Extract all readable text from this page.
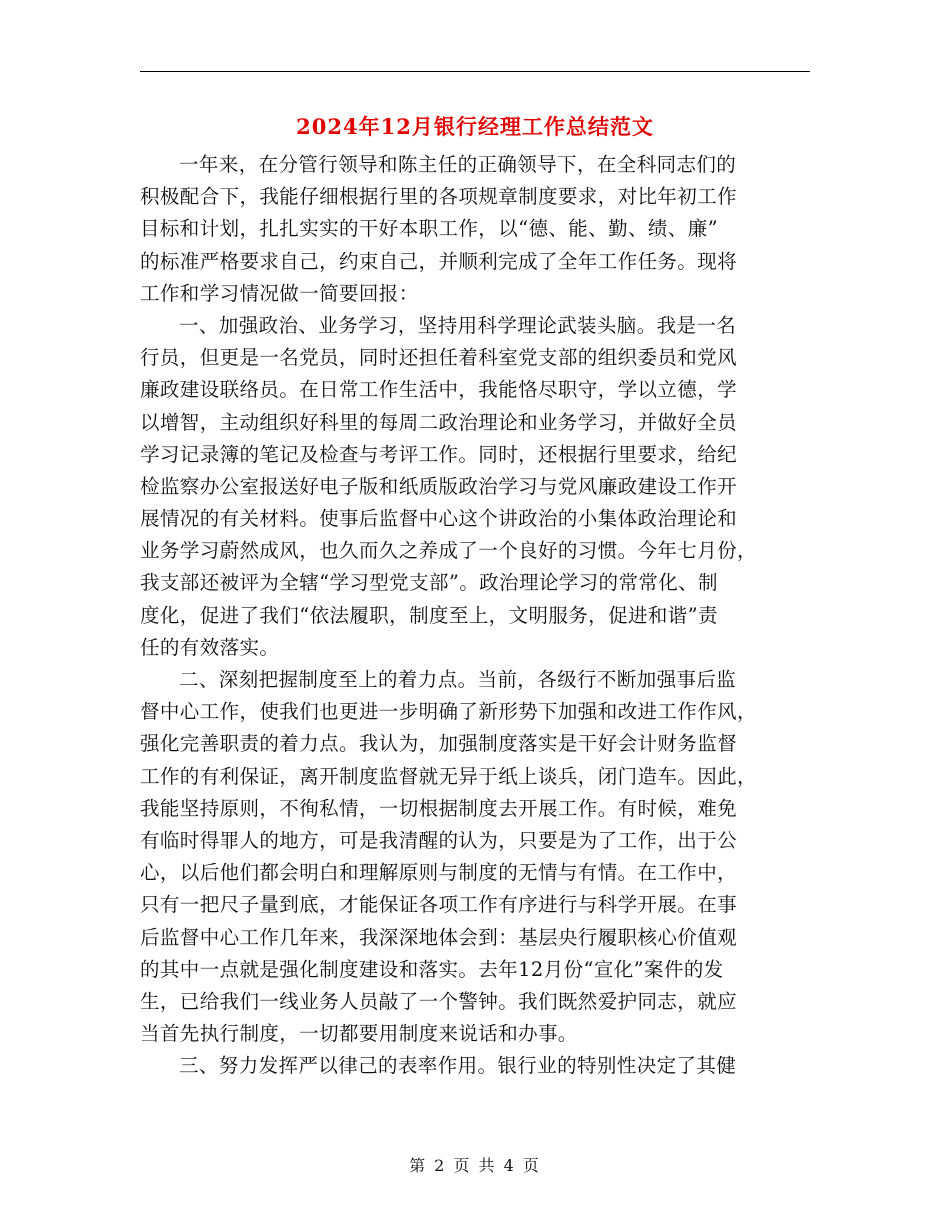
2024年12月银行经理工作总结范文
一年来，在分管行领导和陈主任的正确领导下，在全科同志们的
积极配合下，我能仔细根据行里的各项规章制度要求，对比年初工作
目标和计划，扎扎实实的干好本职工作，以“德、能、勤、绩、廉”
的标准严格要求自己，约束自己，并顺利完成了全年工作任务。现将
工作和学习情况做一简要回报：
一、加强政治、业务学习，坚持用科学理论武装头脑。我是一名
行员，但更是一名党员，同时还担任着科室党支部的组织委员和党风
廉政建设联络员。在日常工作生活中，我能恪尽职守，学以立德，学
以增智，主动组织好科里的每周二政治理论和业务学习，并做好全员
学习记录簿的笔记及检查与考评工作。同时，还根据行里要求，给纪
检监察办公室报送好电子版和纸质版政治学习与党风廉政建设工作开
展情况的有关材料。使事后监督中心这个讲政治的小集体政治理论和
业务学习蔚然成风，也久而久之养成了一个良好的习惯。今年七月份，
我支部还被评为全辖“学习型党支部”。政治理论学习的常常化、制
度化，促进了我们“依法履职，制度至上，文明服务，促进和谐”责
任的有效落实。
二、深刻把握制度至上的着力点。当前，各级行不断加强事后监
督中心工作，使我们也更进一步明确了新形势下加强和改进工作作风，
强化完善职责的着力点。我认为，加强制度落实是干好会计财务监督
工作的有利保证，离开制度监督就无异于纸上谈兵，闭门造车。因此，
我能坚持原则，不徇私情，一切根据制度去开展工作。有时候，难免
有临时得罪人的地方，可是我清醒的认为，只要是为了工作，出于公
心，以后他们都会明白和理解原则与制度的无情与有情。在工作中，
只有一把尺子量到底，才能保证各项工作有序进行与科学开展。在事
后监督中心工作几年来，我深深地体会到：基层央行履职核心价值观
的其中一点就是强化制度建设和落实。去年12月份“宣化”案件的发
生，已给我们一线业务人员敲了一个警钟。我们既然爱护同志，就应
当首先执行制度，一切都要用制度来说话和办事。
三、努力发挥严以律己的表率作用。银行业的特别性决定了其健
第 2 页 共 4 页
